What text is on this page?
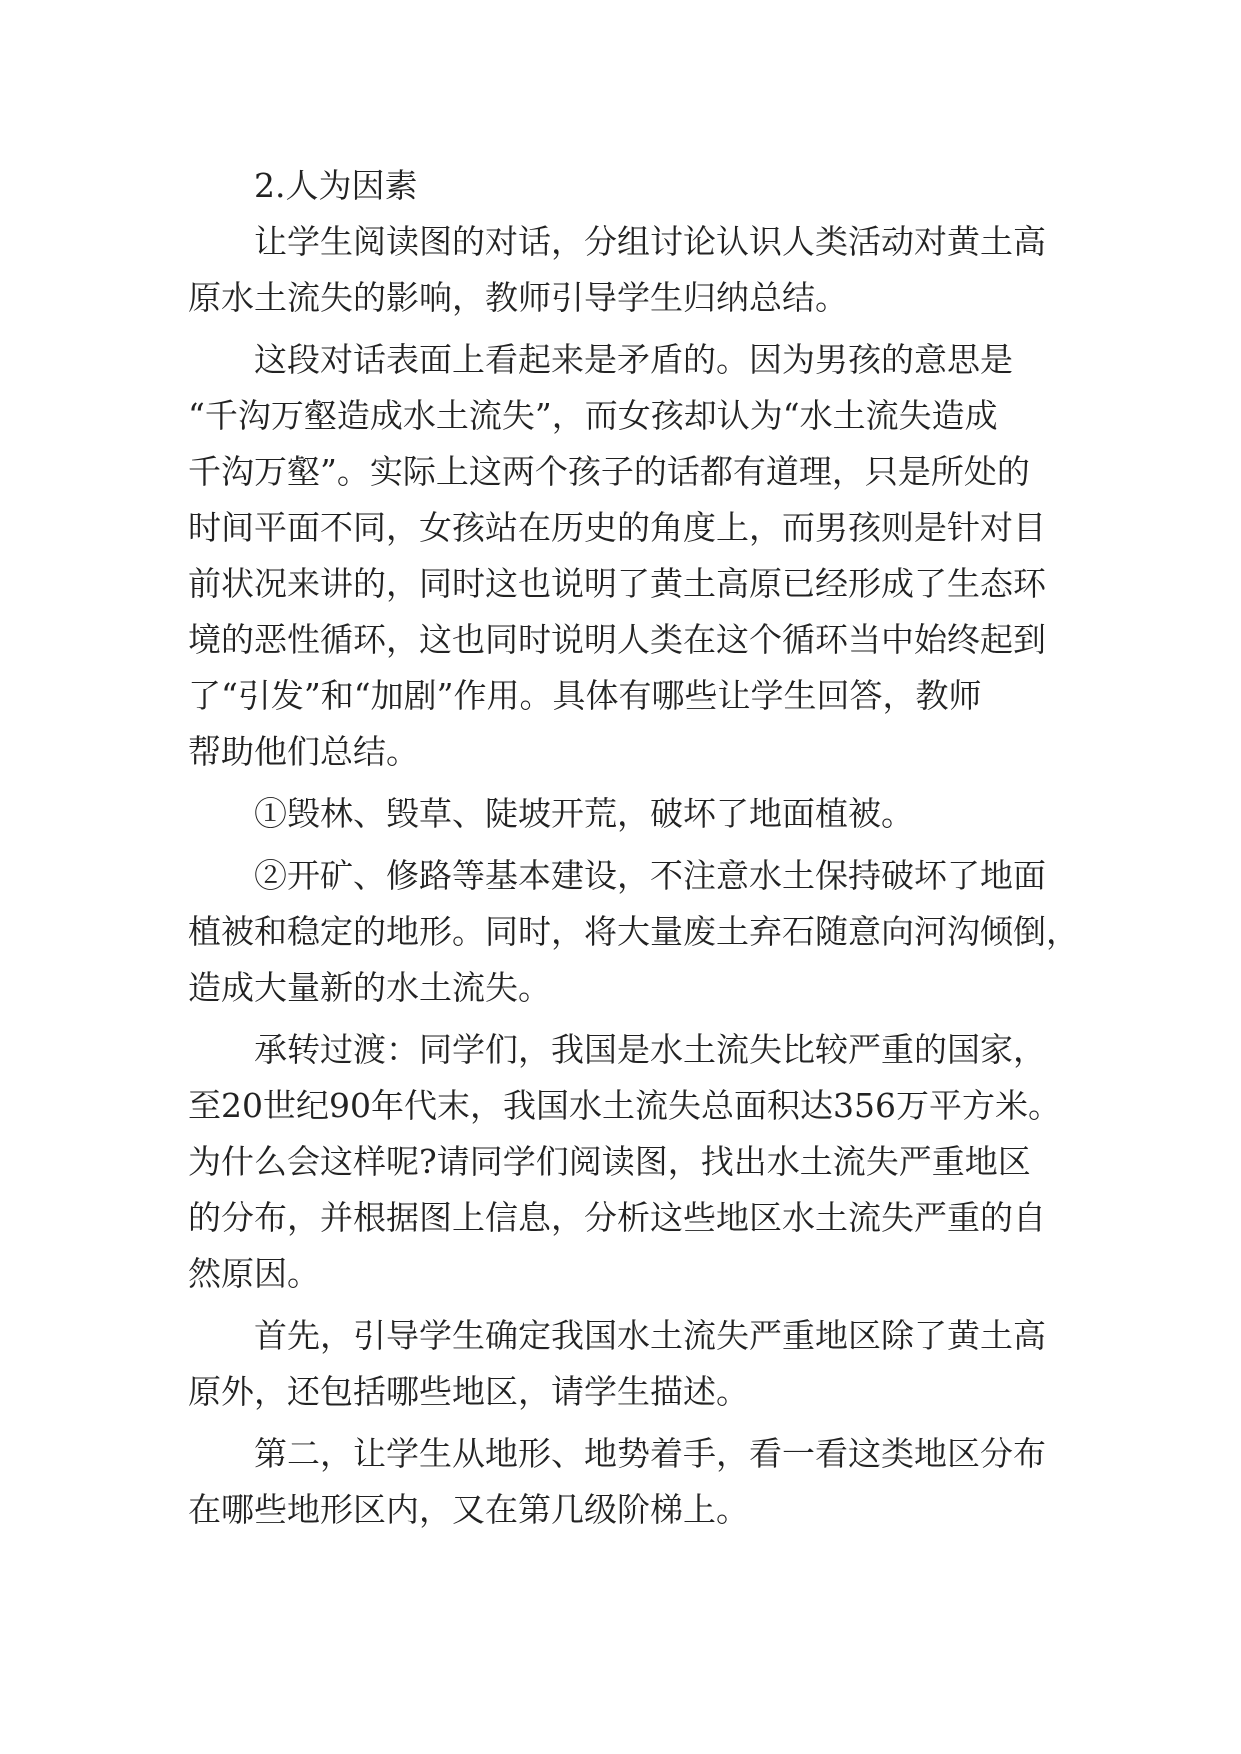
2.人为因素

让学生阅读图的对话，分组讨论认识人类活动对黄土高

原水土流失的影响，教师引导学生归纳总结。

这段对话表面上看起来是矛盾的。因为男孩的意思是

“千沟万壑造成水土流失”，而女孩却认为“水土流失造成

千沟万壑”。实际上这两个孩子的话都有道理，只是所处的

时间平面不同，女孩站在历史的角度上，而男孩则是针对目

前状况来讲的，同时这也说明了黄土高原已经形成了生态环

境的恶性循环，这也同时说明人类在这个循环当中始终起到

了“引发”和“加剧”作用。具体有哪些让学生回答，教师

帮助他们总结。

①毁林、毁草、陡坡开荒，破坏了地面植被。

②开矿、修路等基本建设，不注意水土保持破坏了地面

植被和稳定的地形。同时，将大量废土弃石随意向河沟倾倒，

造成大量新的水土流失。

承转过渡：同学们，我国是水土流失比较严重的国家，

至20世纪90年代末，我国水土流失总面积达356万平方米。

为什么会这样呢?请同学们阅读图，找出水土流失严重地区

的分布，并根据图上信息，分析这些地区水土流失严重的自

然原因。

首先，引导学生确定我国水土流失严重地区除了黄土高

原外，还包括哪些地区，请学生描述。

第二，让学生从地形、地势着手，看一看这类地区分布

在哪些地形区内，又在第几级阶梯上。
